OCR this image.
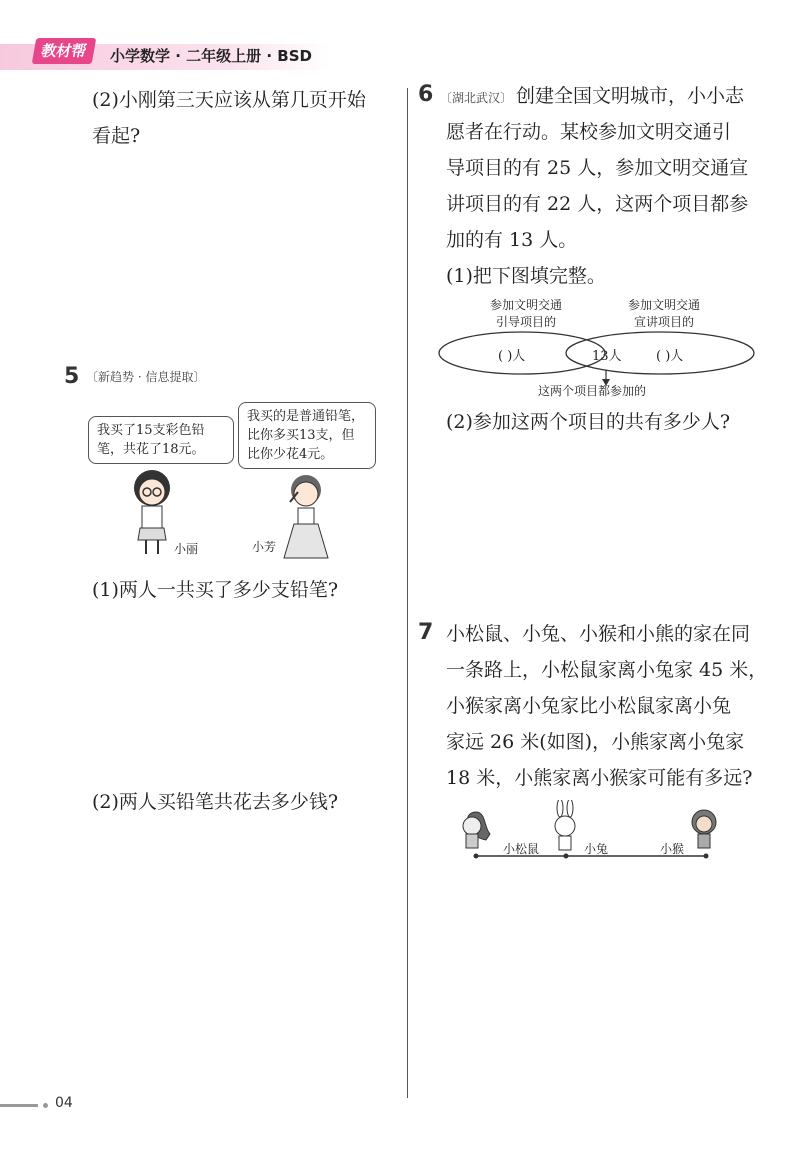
教材帮	小学数学 · 二年级上册 · BSD
(2)小刚第三天应该从第几页开始
看起?
5 〔新趋势 · 信息提取〕
我买了15支彩色铅
笔，共花了18元。
我买的是普通铅笔，
比你多买13支，但
比你少花4元。
小丽	小芳
(1)两人一共买了多少支铅笔?
(2)两人买铅笔共花去多少钱?
6 〔湖北武汉〕 创建全国文明城市，小小志
愿者在行动。某校参加文明交通引
导项目的有 25 人，参加文明交通宣
讲项目的有 22 人，这两个项目都参
加的有 13 人。
(1)把下图填完整。
参加文明交通
引导项目的
参加文明交通
宣讲项目的
( )人	13人	( )人
这两个项目都参加的
(2)参加这两个项目的共有多少人?
7 小松鼠、小兔、小猴和小熊的家在同
一条路上，小松鼠家离小兔家 45 米，
小猴家离小兔家比小松鼠家离小兔
家远 26 米(如图)，小熊家离小兔家
18 米，小熊家离小猴家可能有多远?
小松鼠	小兔	小猴
04
